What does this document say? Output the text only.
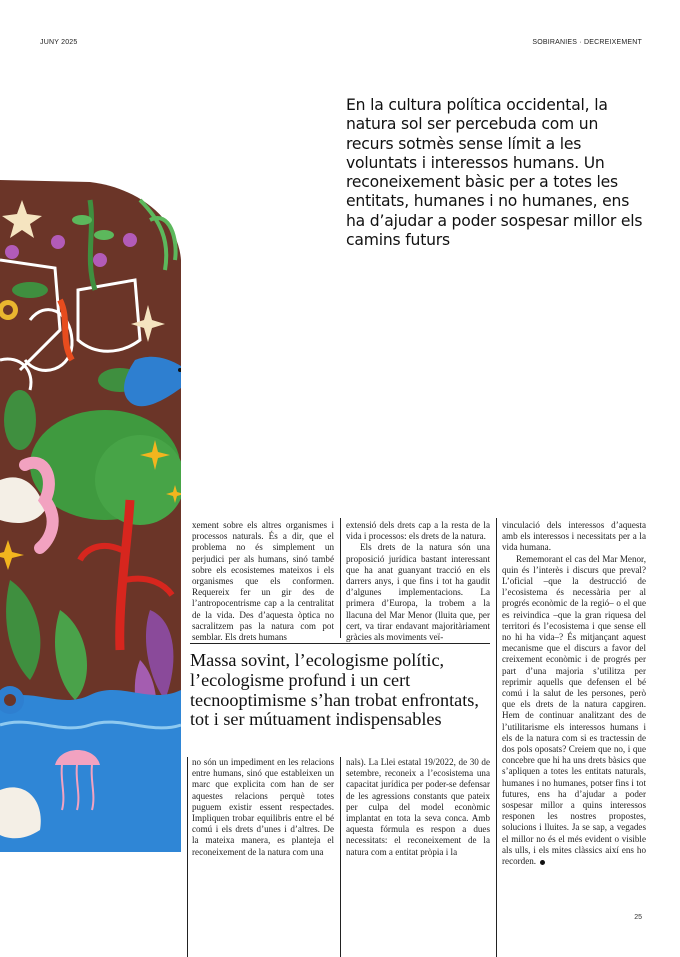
JUNY 2025	SOBIRANIES · DECREIXEMENT
En la cultura política occidental, la natura sol ser percebuda com un recurs sotmès sense límit a les voluntats i interessos humans. Un reconeixement bàsic per a totes les entitats, humanes i no humanes, ens ha d’ajudar a poder sospesar millor els camins futurs

xement sobre els altres organismes i processos naturals. És a dir, que el problema no és simplement un perjudici per als humans, sinó també sobre els ecosistemes mateixos i els organismes que els conformen. Requereix fer un gir des de l’antropocentrisme cap a la centralitat de la vida. Des d’aquesta òptica no sacralitzem pas la natura com pot semblar. Els drets humans

extensió dels drets cap a la resta de la vida i processos: els drets de la natura.

Els drets de la natura són una proposició jurídica bastant interessant que ha anat guanyant tracció en els darrers anys, i que fins i tot ha gaudit d’algunes implementacions. La primera d’Europa, la trobem a la llacuna del Mar Menor (lluita que, per cert, va tirar endavant majoritàriament gràcies als moviments veï-

vinculació dels interessos d’aquesta amb els interessos i necessitats per a la vida humana.

Rememorant el cas del Mar Menor, quin és l’interès i discurs que preval? L’oficial –que la destrucció de l’ecosistema és necessària per al progrés econòmic de la regió– o el que es reivindica –que la gran riquesa del territori és l’ecosistema i que sense ell no hi ha vida–? És mitjançant aquest mecanisme que el discurs a favor del creixement econòmic i de progrés per part d’una majoria s’utilitza per reprimir aquells que defensen el bé comú i la salut de les persones, però que els drets de la natura capgiren. Hem de continuar analitzant des de l’utilitarisme els interessos humans i els de la natura com si es tractessin de dos pols oposats? Creiem que no, i que concebre que hi ha uns drets bàsics que s’apliquen a totes les entitats naturals, humanes i no humanes, potser fins i tot futures, ens ha d’ajudar a poder sospesar millor a quins interessos responen les nostres propostes, solucions i lluites. Ja se sap, a vegades el millor no és el més evident o visible als ulls, i els mites clàssics així ens ho recorden.

Massa sovint, l’ecologisme polític, l’ecologisme profund i un cert tecnooptimisme s’han trobat enfrontats, tot i ser mútuament indispensables

no són un impediment en les relacions entre humans, sinó que estableixen un marc que explicita com han de ser aquestes relacions perquè totes puguem existir essent respectades. Impliquen trobar equilibris entre el bé comú i els drets d’unes i d’altres. De la mateixa manera, es planteja el reconeixement de la natura com una

nals). La Llei estatal 19/2022, de 30 de setembre, reconeix a l’ecosistema una capacitat jurídica per poder-se defensar de les agressions constants que pateix per culpa del model econòmic implantat en tota la seva conca. Amb aquesta fórmula es respon a dues necessitats: el reconeixement de la natura com a entitat pròpia i la

25
